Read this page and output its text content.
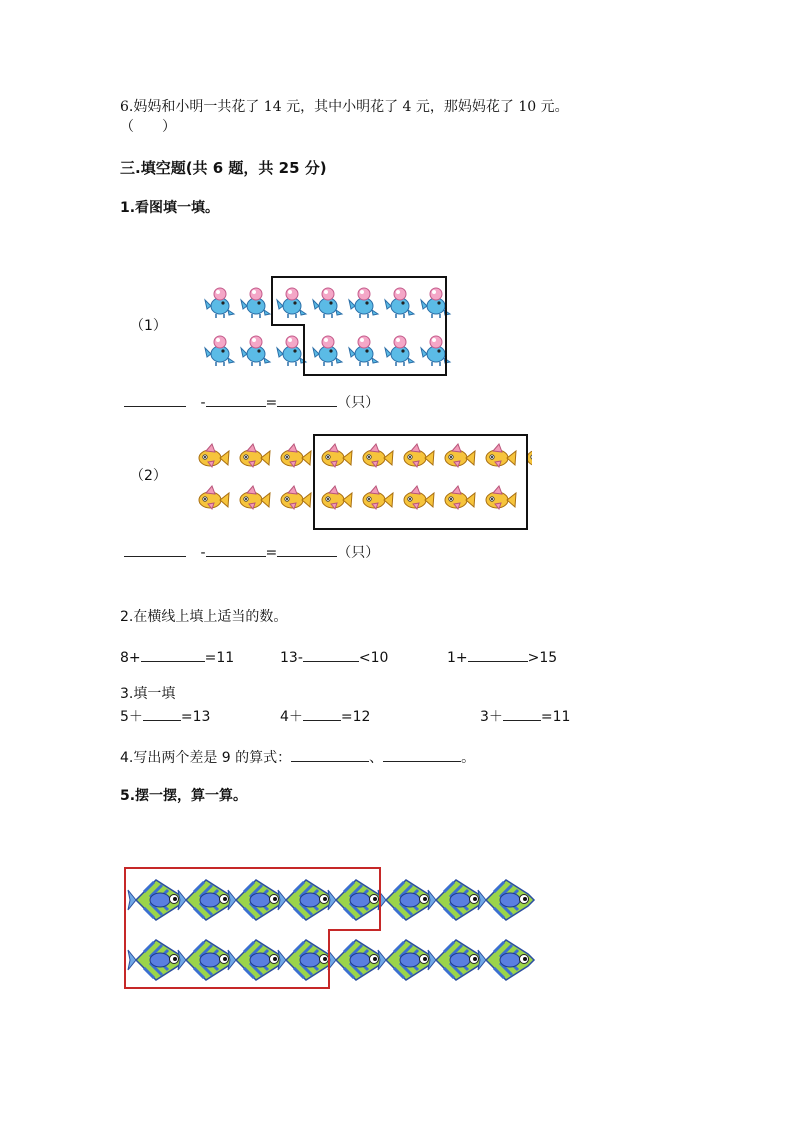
6.妈妈和小明一共花了 14 元，其中小明花了 4 元，那妈妈花了 10 元。
（　　）
三.填空题(共 6 题，共 25 分)
1.看图填一填。
（1）
-	=	（只）
（2）
-	=	（只）
2.在横线上填上适当的数。
8+	=11	13-	<10	1+	>15
3.填一填
5＋	=13	4＋	=12	3＋	=11
4.写出两个差是 9 的算式：	、	。
5.摆一摆，算一算。
